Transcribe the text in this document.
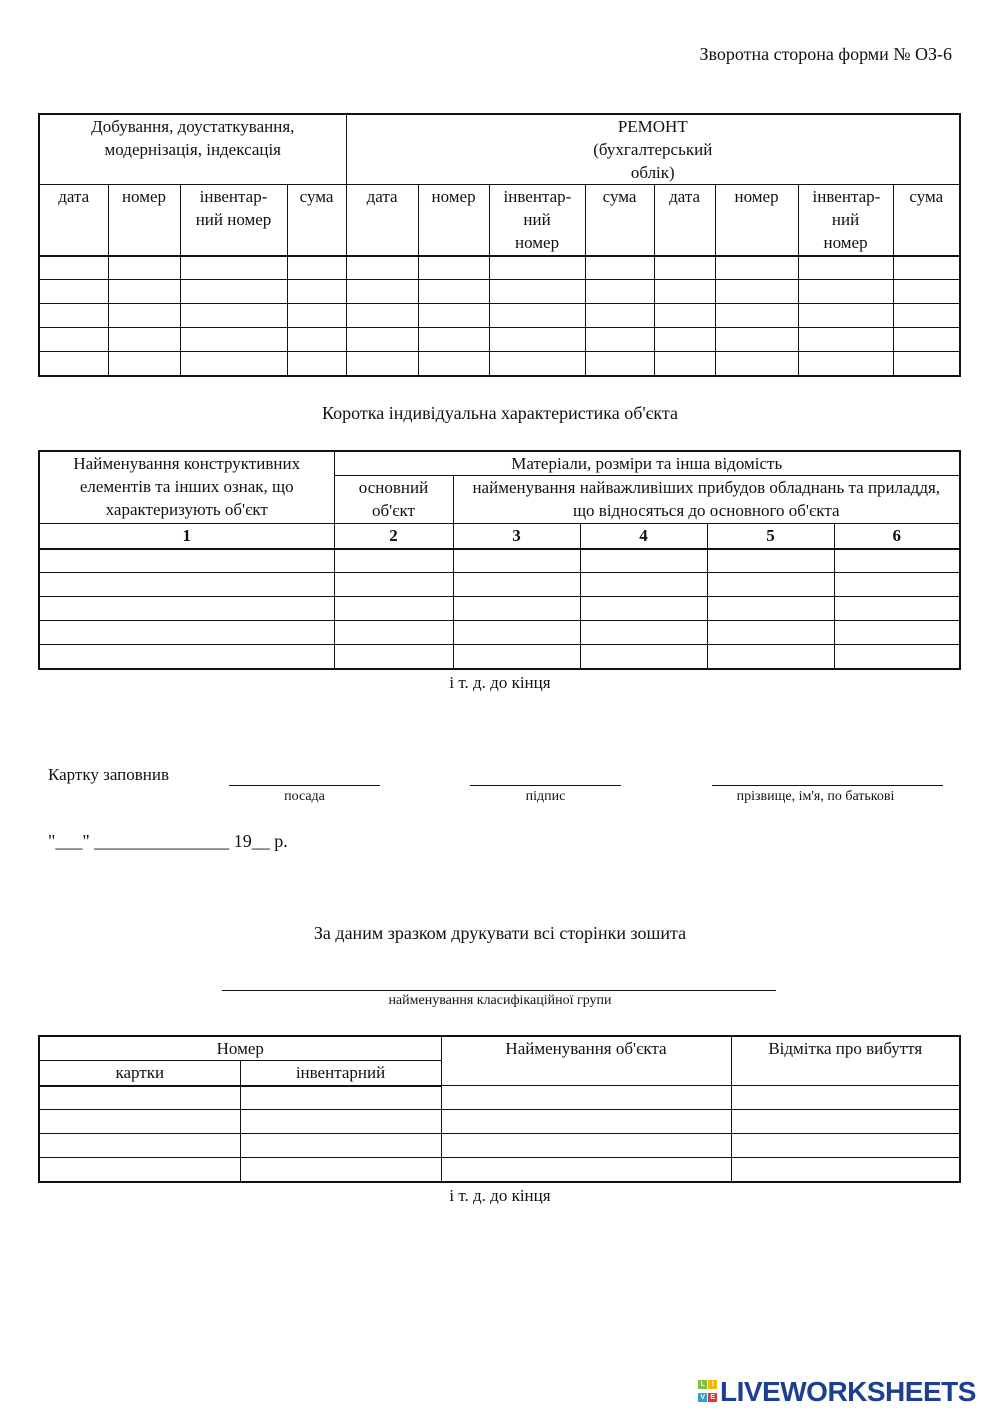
Зворотна сторона форми № ОЗ-6
Добування, доустаткування, модернізація, індексація				РЕМОНТ (бухгалтерський облік)							
дата	номер	інвентар-ний номер	сума	дата	номер	інвентар-ний номер	сума	дата	номер	інвентар-ний номер	сума

Коротка індивідуальна характеристика об'єкта
Найменування конструктивних елементів та інших ознак, що характеризують об'єкт	Матеріали, розміри та інша відомість				
	основний об'єкт	найменування найважливіших прибудов обладнань та приладдя, що відносяться до основного об'єкта			
1	2	3	4	5	6

і т. д. до кінця
Картку заповнив
посада	підпис	прізвище, ім'я, по батькові
"___" _______________ 19__ р.
За даним зразком друкувати всі сторінки зошита
найменування класифікаційної групи
Номер		Найменування об'єкта	Відмітка про вибуття
картки	інвентарний		

і т. д. до кінця
L IV E LIVEWORKSHEETS
